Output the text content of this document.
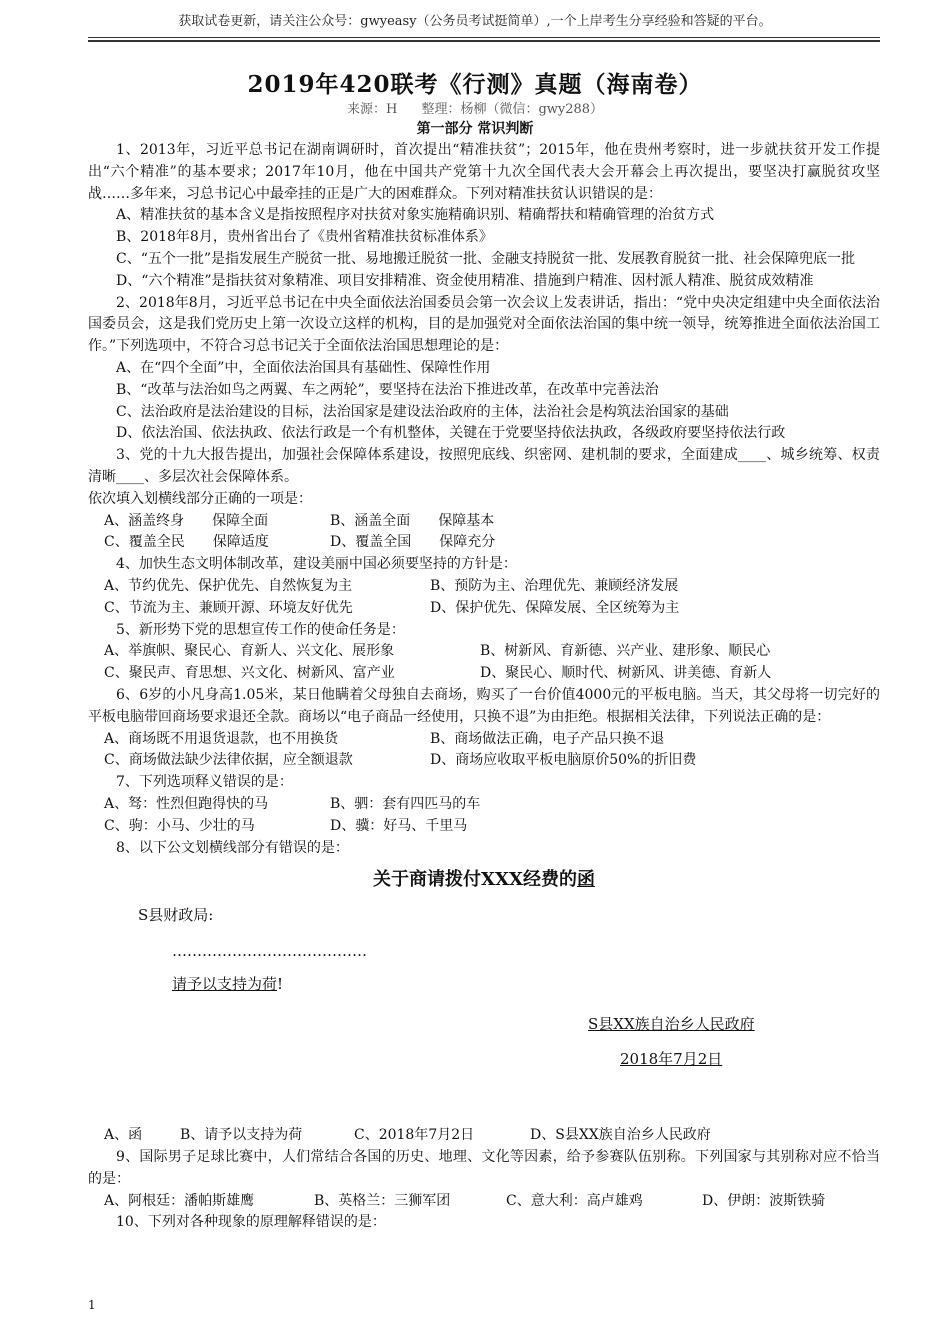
获取试卷更新，请关注公众号：gwyeasy（公务员考试挺简单）,一个上岸考生分享经验和答疑的平台。
2019年420联考《行测》真题（海南卷）
来源：H 整理：杨柳（微信：gwy288）
第一部分 常识判断

1、2013年，习近平总书记在湖南调研时，首次提出“精准扶贫”；2015年，他在贵州考察时，进一步就扶贫开发工作提出“六个精准”的基本要求；2017年10月，他在中国共产党第十九次全国代表大会开幕会上再次提出，要坚决打赢脱贫攻坚战……多年来，习总书记心中最牵挂的正是广大的困难群众。下列对精准扶贫认识错误的是：

A、精准扶贫的基本含义是指按照程序对扶贫对象实施精确识别、精确帮扶和精确管理的治贫方式

B、2018年8月，贵州省出台了《贵州省精准扶贫标准体系》

C、“五个一批”是指发展生产脱贫一批、易地搬迁脱贫一批、金融支持脱贫一批、发展教育脱贫一批、社会保障兜底一批

D、“六个精准”是指扶贫对象精准、项目安排精准、资金使用精准、措施到户精准、因村派人精准、脱贫成效精准

2、2018年8月，习近平总书记在中央全面依法治国委员会第一次会议上发表讲话，指出：“党中央决定组建中央全面依法治国委员会，这是我们党历史上第一次设立这样的机构，目的是加强党对全面依法治国的集中统一领导，统筹推进全面依法治国工作。”下列选项中，不符合习总书记关于全面依法治国思想理论的是：

A、在“四个全面”中，全面依法治国具有基础性、保障性作用

B、“改革与法治如鸟之两翼、车之两轮”，要坚持在法治下推进改革，在改革中完善法治

C、法治政府是法治建设的目标，法治国家是建设法治政府的主体，法治社会是构筑法治国家的基础

D、依法治国、依法执政、依法行政是一个有机整体，关键在于党要坚持依法执政，各级政府要坚持依法行政

3、党的十九大报告提出，加强社会保障体系建设，按照兜底线、织密网、建机制的要求，全面建成____、城乡统筹、权责清晰____、多层次社会保障体系。

依次填入划横线部分正确的一项是：

A、涵盖终身　　保障全面	B、涵盖全面　　保障基本

C、覆盖全民　　保障适度	D、覆盖全国　　保障充分

4、加快生态文明体制改革，建设美丽中国必须要坚持的方针是：

A、节约优先、保护优先、自然恢复为主	B、预防为主、治理优先、兼顾经济发展

C、节流为主、兼顾开源、环境友好优先	D、保护优先、保障发展、全区统筹为主

5、新形势下党的思想宣传工作的使命任务是：

A、举旗帜、聚民心、育新人、兴文化、展形象	B、树新风、育新德、兴产业、建形象、顺民心

C、聚民声、育思想、兴文化、树新风、富产业	D、聚民心、顺时代、树新风、讲美德、育新人

6、6岁的小凡身高1.05米，某日他瞒着父母独自去商场，购买了一台价值4000元的平板电脑。当天，其父母将一切完好的平板电脑带回商场要求退还全款。商场以“电子商品一经使用，只换不退”为由拒绝。根据相关法律，下列说法正确的是：

A、商场既不用退货退款，也不用换货	B、商场做法正确，电子产品只换不退

C、商场做法缺少法律依据，应全额退款	D、商场应收取平板电脑原价50%的折旧费

7、下列选项释义错误的是：

A、驽：性烈但跑得快的马	B、驷：套有四匹马的车

C、驹：小马、少壮的马	D、骥：好马、千里马

8、以下公文划横线部分有错误的是：

关于商请拨付XXX经费的函
S县财政局:
…………………………………
请予以支持为荷!
S县XX族自治乡人民政府
2018年7月2日

A、函	B、请予以支持为荷	C、2018年7月2日	D、S县XX族自治乡人民政府

9、国际男子足球比赛中，人们常结合各国的历史、地理、文化等因素，给予参赛队伍别称。下列国家与其别称对应不恰当的是：

A、阿根廷：潘帕斯雄鹰	B、英格兰：三狮军团	C、意大利：高卢雄鸡	D、伊朗：波斯铁骑

10、下列对各种现象的原理解释错误的是：

1
